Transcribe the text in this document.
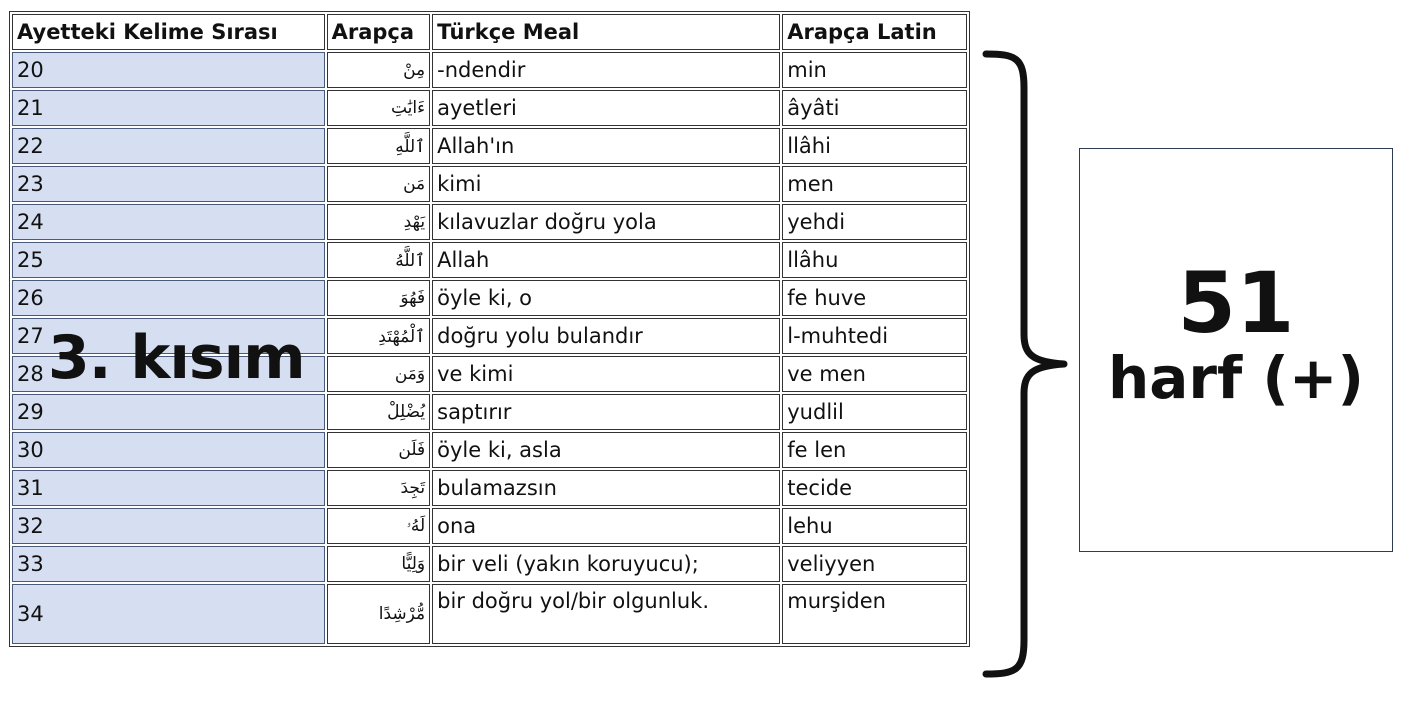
Ayetteki Kelime Sırası	Arapça	Türkçe Meal	Arapça Latin
20	مِنْ	-ndendir	min
21	ءَايَٰتِ	ayetleri	âyâti
22	ٱللَّهِ	Allah'ın	llâhi
23	مَن	kimi	men
24	يَهْدِ	kılavuzlar doğru yola	yehdi
25	ٱللَّهُ	Allah	llâhu
26	فَهُوَ	öyle ki, o	fe huve
27	ٱلْمُهْتَدِ	doğru yolu bulandır	l-muhtedi
28	وَمَن	ve kimi	ve men
29	يُضْلِلْ	saptırır	yudlil
30	فَلَن	öyle ki, asla	fe len
31	تَجِدَ	bulamazsın	tecide
32	لَهُۥ	ona	lehu
33	وَلِيًّا	bir veli (yakın koruyucu);	veliyyen
34	مُّرْشِدًا	bir doğru yol/bir olgunluk.	murşiden
3. kısım
51
harf (+)
